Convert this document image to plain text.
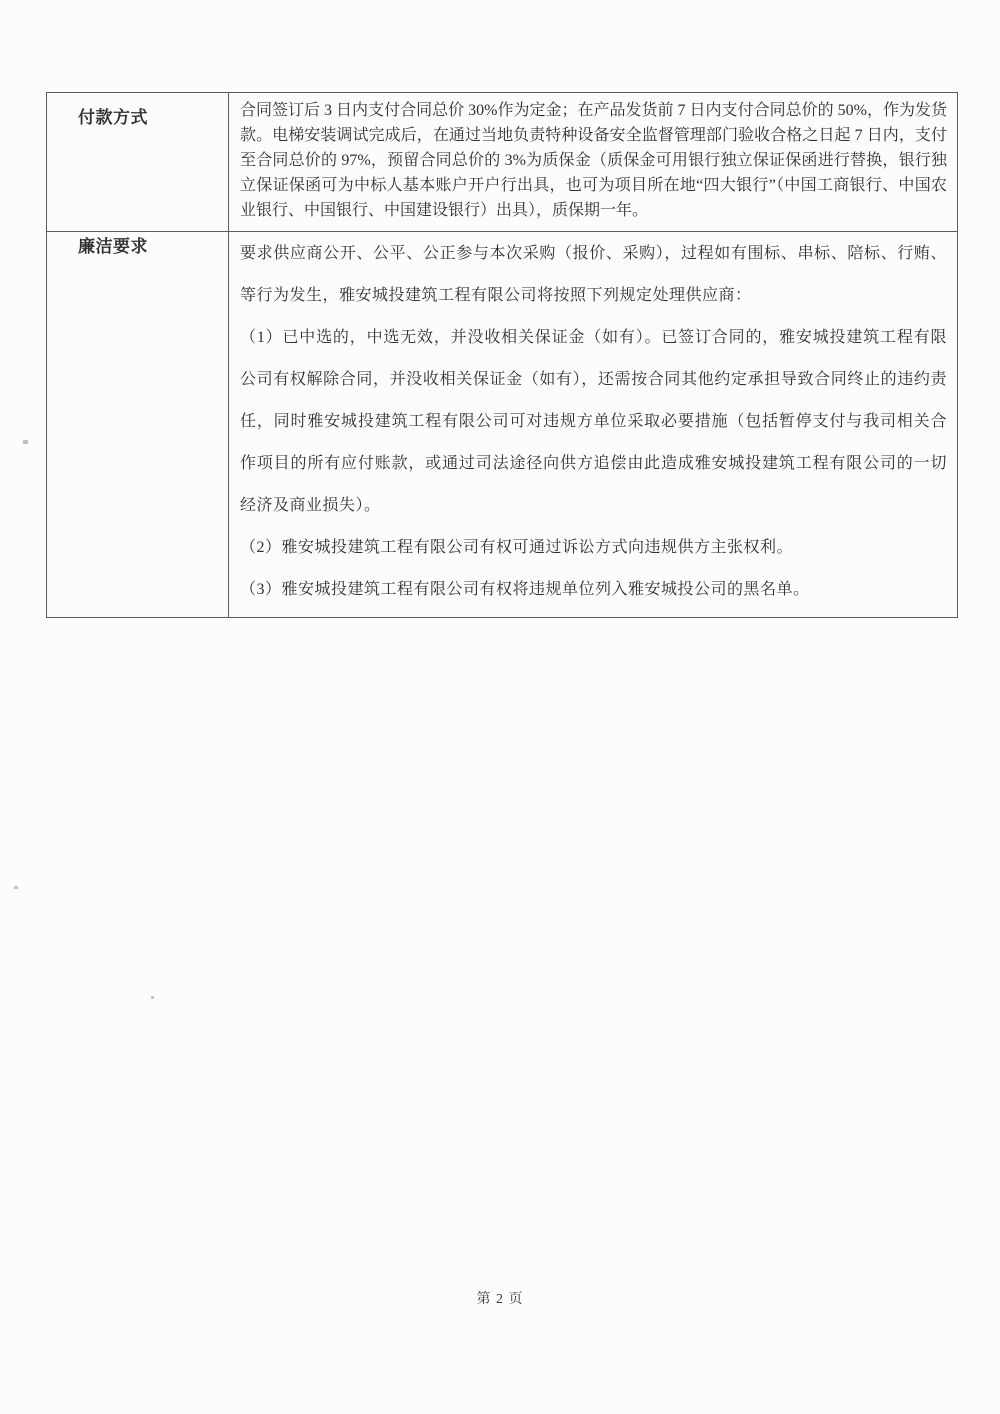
付款方式	合同签订后 3 日内支付合同总价 30%作为定金；在产品发货前 7 日内支付合同总价的 50%，作为发货款。电梯安装调试完成后，在通过当地负责特种设备安全监督管理部门验收合格之日起 7 日内，支付至合同总价的 97%，预留合同总价的 3%为质保金（质保金可用银行独立保证保函进行替换，银行独立保证保函可为中标人基本账户开户行出具，也可为项目所在地“四大银行”（中国工商银行、中国农业银行、中国银行、中国建设银行）出具），质保期一年。

廉洁要求	要求供应商公开、公平、公正参与本次采购（报价、采购），过程如有围标、串标、陪标、行贿、等行为发生，雅安城投建筑工程有限公司将按照下列规定处理供应商：

（1）已中选的，中选无效，并没收相关保证金（如有）。已签订合同的，雅安城投建筑工程有限公司有权解除合同，并没收相关保证金（如有），还需按合同其他约定承担导致合同终止的违约责任，同时雅安城投建筑工程有限公司可对违规方单位采取必要措施（包括暂停支付与我司相关合作项目的所有应付账款，或通过司法途径向供方追偿由此造成雅安城投建筑工程有限公司的一切经济及商业损失）。

（2）雅安城投建筑工程有限公司有权可通过诉讼方式向违规供方主张权利。

（3）雅安城投建筑工程有限公司有权将违规单位列入雅安城投公司的黑名单。

第 2 页
